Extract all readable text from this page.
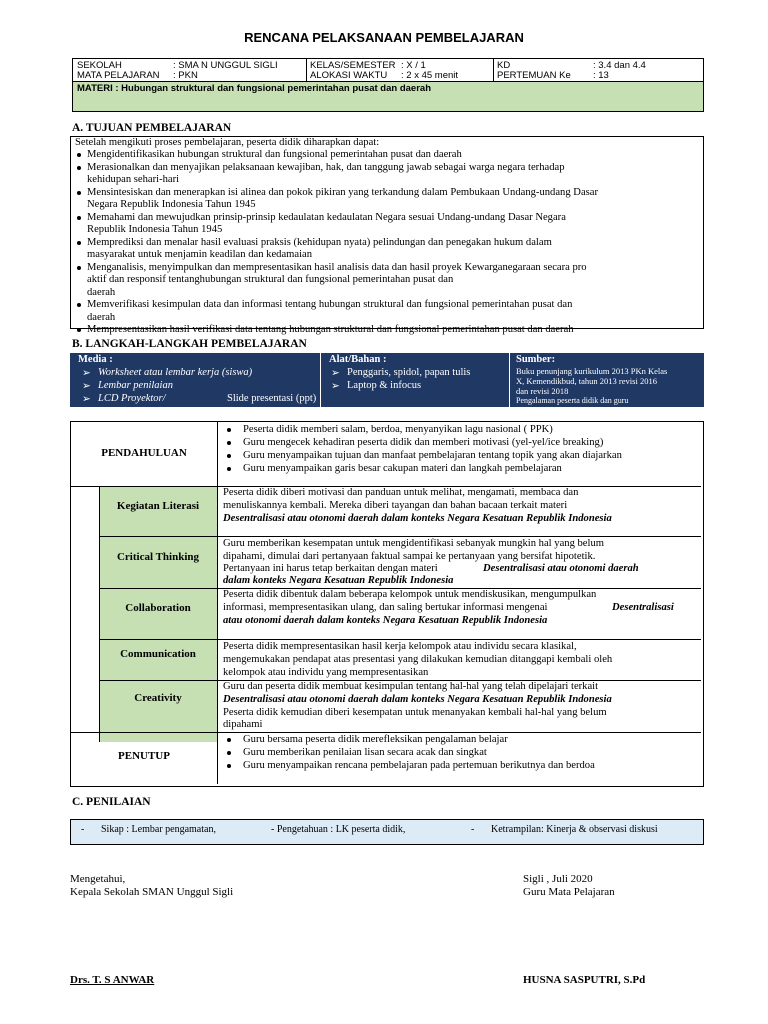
RENCANA PELAKSANAAN PEMBELAJARAN
SEKOLAH	: SMA N UNGGUL SIGLI	KELAS/SEMESTER : X / 1	KD	: 3.4 dan 4.4
MATA PELAJARAN : PKN	ALOKASI WAKTU : 2 x 45 menit	PERTEMUAN Ke : 13
MATERI : Hubungan struktural dan fungsional pemerintahan pusat dan daerah
A. TUJUAN PEMBELAJARAN
Setelah mengikuti proses pembelajaran, peserta didik diharapkan dapat:
Mengidentifikasikan hubungan struktural dan fungsional pemerintahan pusat dan daerah
Merasionalkan dan menyajikan pelaksanaan kewajiban, hak, dan tanggung jawab sebagai warga negara terhadap
kehidupan sehari-hari
Mensintesiskan dan menerapkan isi alinea dan pokok pikiran yang terkandung dalam Pembukaan Undang-undang Dasar
Negara Republik Indonesia Tahun 1945
Memahami dan mewujudkan prinsip-prinsip kedaulatan kedaulatan Negara sesuai Undang-undang Dasar Negara
Republik Indonesia Tahun 1945
Memprediksi dan menalar hasil evaluasi praksis (kehidupan nyata) pelindungan dan penegakan hukum dalam
masyarakat untuk menjamin keadilan dan kedamaian
Menganalisis, menyimpulkan dan mempresentasikan hasil analisis data dan hasil proyek Kewarganegaraan secara pro
aktif dan responsif tentanghubungan struktural dan fungsional pemerintahan pusat dan
daerah
Memverifikasi kesimpulan data dan informasi tentang hubungan struktural dan fungsional pemerintahan pusat dan
daerah
Mempresentasikan hasil verifikasi data tentang hubungan struktural dan fungsional pemerintahan pusat dan daerah
B. LANGKAH-LANGKAH PEMBELAJARAN
Media :
➢ Worksheet atau lembar kerja (siswa)
➢ Lembar penilaian
➢ LCD Proyektor/	Slide presentasi (ppt)
Alat/Bahan :
➢ Penggaris, spidol, papan tulis
➢ Laptop & infocus
Sumber:
Buku penunjang kurikulum 2013 PKn Kelas
X, Kemendikbud, tahun 2013 revisi 2016
dan revisi 2018
Pengalaman peserta didik dan guru
PENDAHULUAN
Peserta didik memberi salam, berdoa, menyanyikan lagu nasional ( PPK)
Guru mengecek kehadiran peserta didik dan memberi motivasi (yel-yel/ice breaking)
Guru menyampaikan tujuan dan manfaat pembelajaran tentang topik yang akan diajarkan
Guru menyampaikan garis besar cakupan materi dan langkah pembelajaran
Kegiatan Literasi
Peserta didik diberi motivasi dan panduan untuk melihat, mengamati, membaca dan
menuliskannya kembali. Mereka diberi tayangan dan bahan bacaan terkait materi
Desentralisasi atau otonomi daerah dalam konteks Negara Kesatuan Republik Indonesia
Critical Thinking
Guru memberikan kesempatan untuk mengidentifikasi sebanyak mungkin hal yang belum
dipahami, dimulai dari pertanyaan faktual sampai ke pertanyaan yang bersifat hipotetik.
Pertanyaan ini harus tetap berkaitan dengan materi	Desentralisasi atau otonomi daerah
dalam konteks Negara Kesatuan Republik Indonesia
Collaboration
Peserta didik dibentuk dalam beberapa kelompok untuk mendiskusikan, mengumpulkan
informasi, mempresentasikan ulang, dan saling bertukar informasi mengenai	Desentralisasi
atau otonomi daerah dalam konteks Negara Kesatuan Republik Indonesia
Communication
Peserta didik mempresentasikan hasil kerja kelompok atau individu secara klasikal,
mengemukakan pendapat atas presentasi yang dilakukan kemudian ditanggapi kembali oleh
kelompok atau individu yang mempresentasikan
Creativity
Guru dan peserta didik membuat kesimpulan tentang hal-hal yang telah dipelajari terkait
Desentralisasi atau otonomi daerah dalam konteks Negara Kesatuan Republik Indonesia
Peserta didik kemudian diberi kesempatan untuk menanyakan kembali hal-hal yang belum
dipahami
PENUTUP
Guru bersama peserta didik merefleksikan pengalaman belajar
Guru memberikan penilaian lisan secara acak dan singkat
Guru menyampaikan rencana pembelajaran pada pertemuan berikutnya dan berdoa
C. PENILAIAN
- Sikap : Lembar pengamatan,	- Pengetahuan : LK peserta didik,	- Ketrampilan: Kinerja & observasi diskusi
Mengetahui,
Kepala Sekolah SMAN Unggul Sigli
Sigli , Juli 2020
Guru Mata Pelajaran
Drs. T. S ANWAR	HUSNA SASPUTRI, S.Pd
